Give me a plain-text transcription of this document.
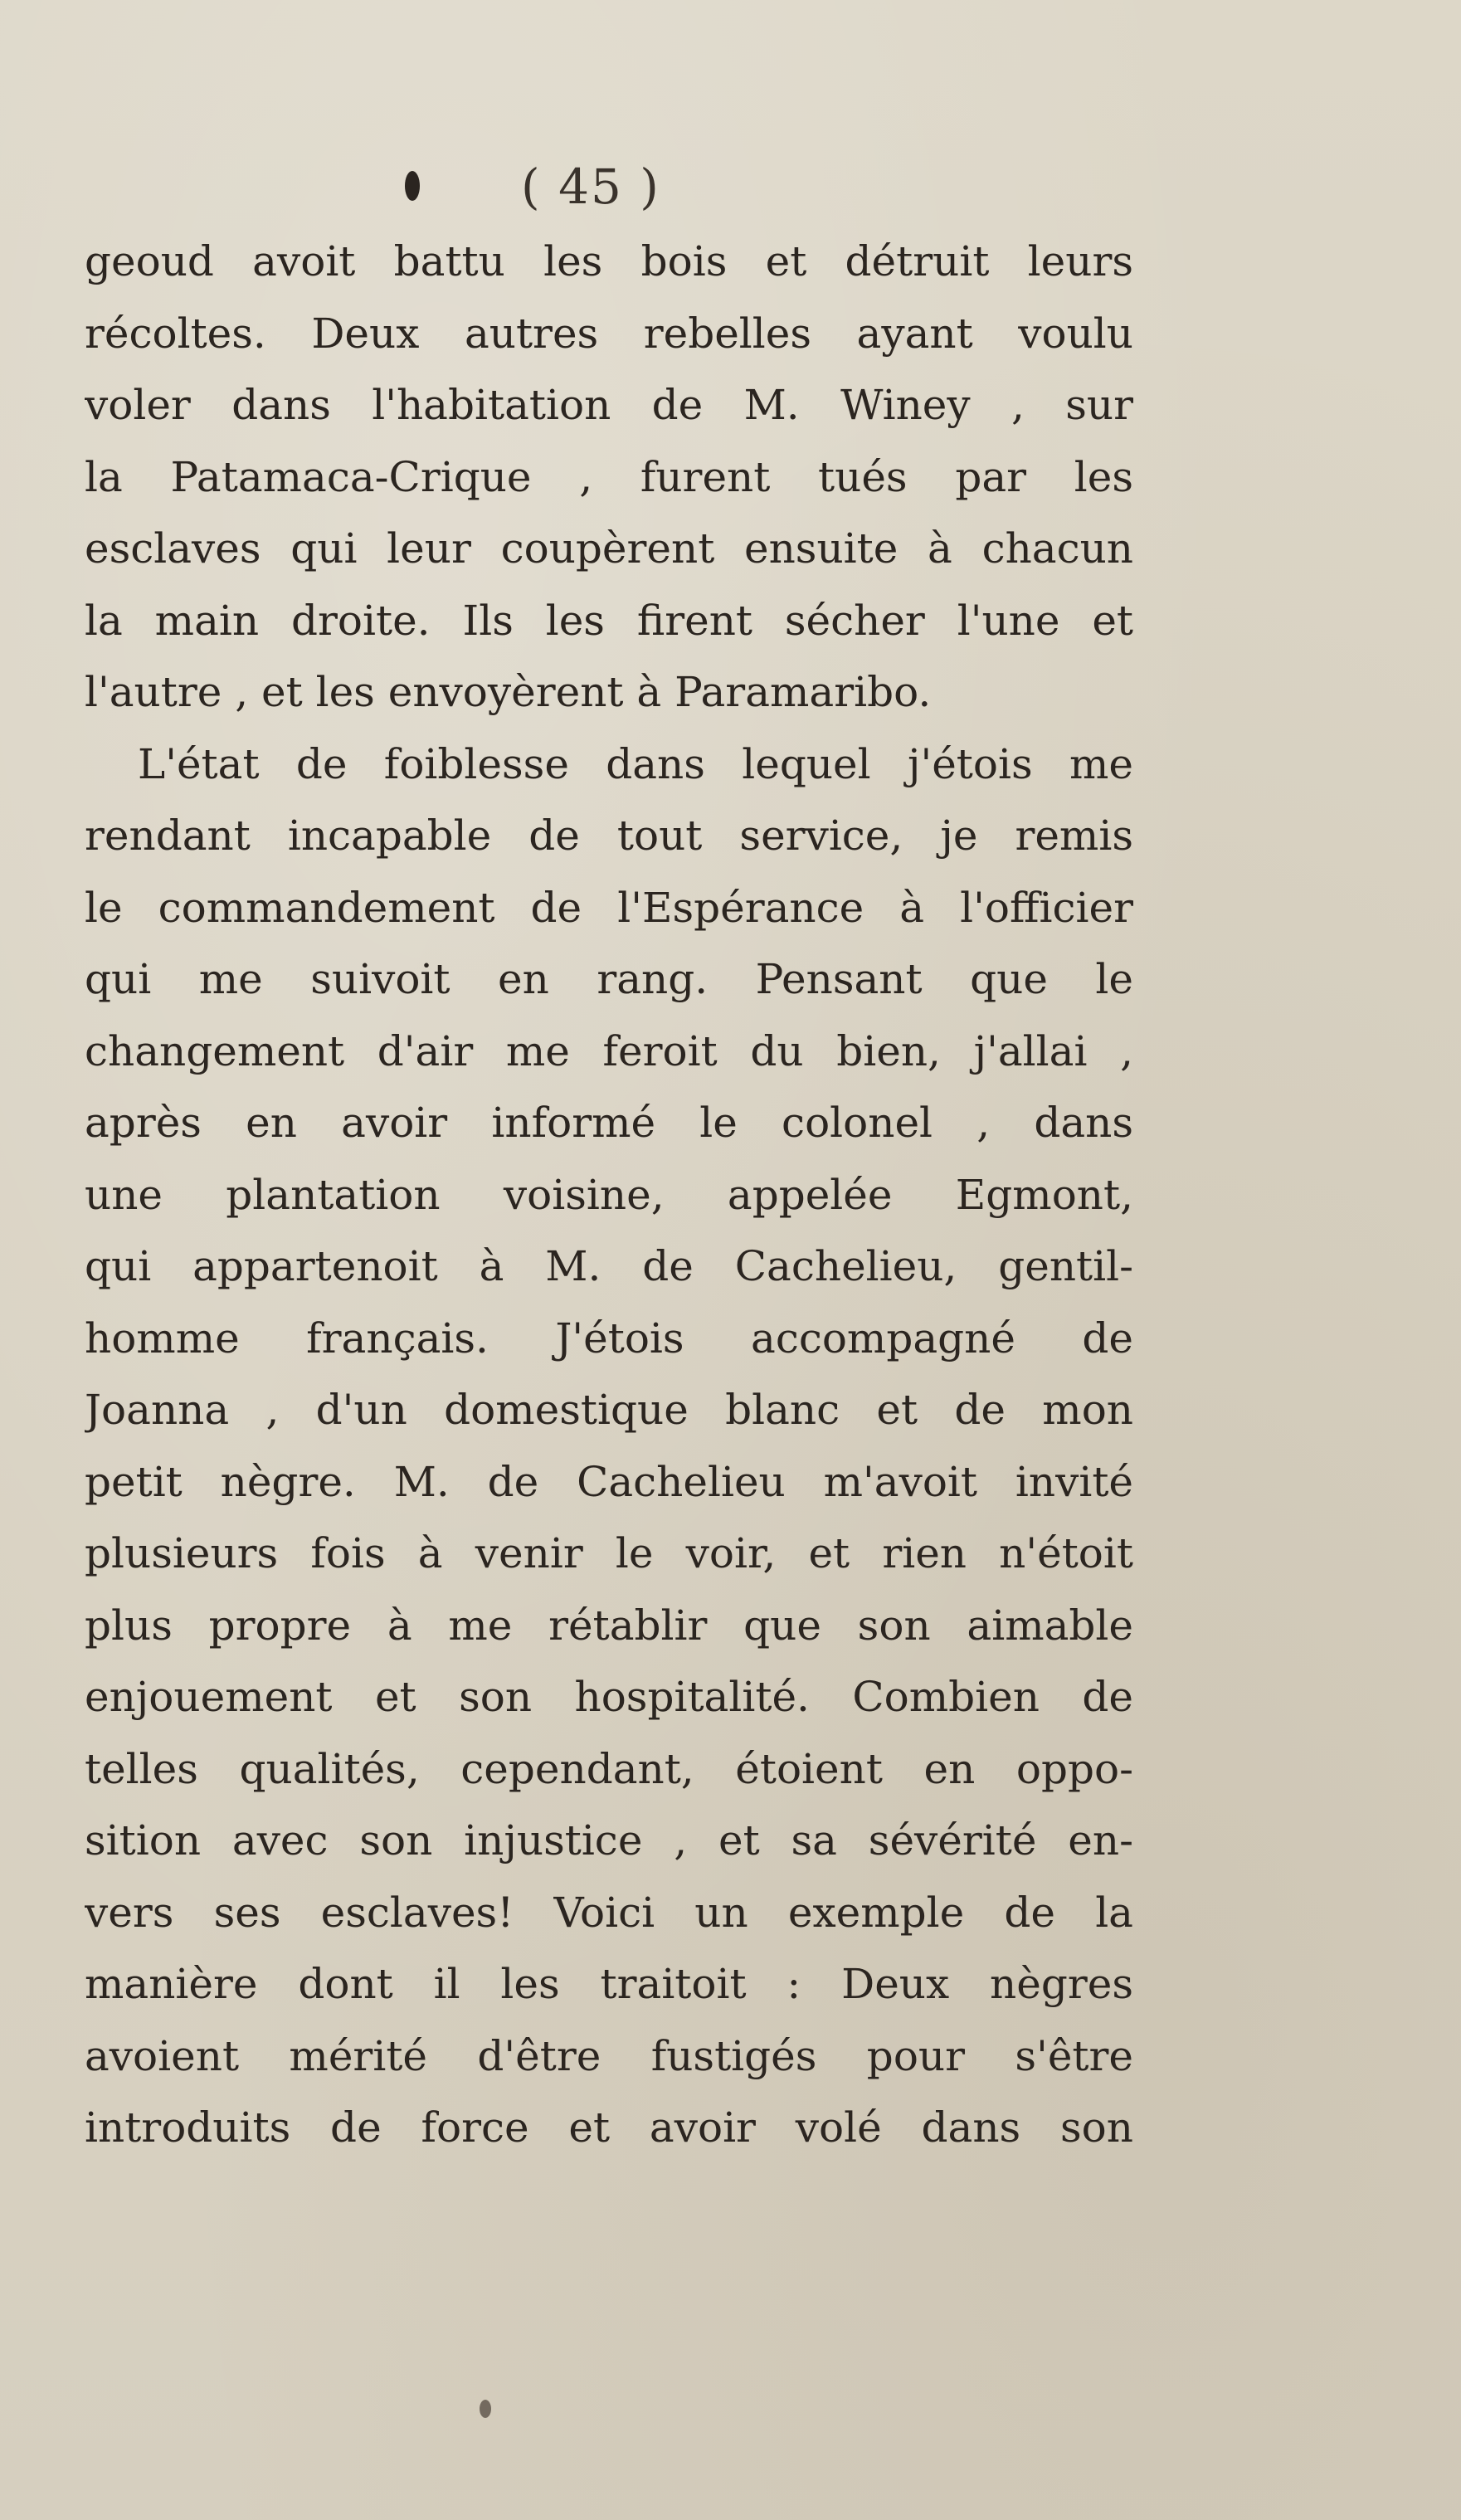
( 45 )
geoud avoit battu les bois et détruit leurs
récoltes. Deux autres rebelles ayant voulu
voler dans l'habitation de M. Winey , sur
la Patamaca-Crique , furent tués par les
esclaves qui leur coupèrent ensuite à chacun
la main droite. Ils les firent sécher l'une et
l'autre , et les envoyèrent à Paramaribo.
L'état de foiblesse dans lequel j'étois me
rendant incapable de tout service, je remis
le commandement de l'Espérance à l'officier
qui me suivoit en rang. Pensant que le
changement d'air me feroit du bien, j'allai ,
après en avoir informé le colonel , dans
une plantation voisine, appelée Egmont,
qui appartenoit à M. de Cachelieu, gentil-
homme français. J'étois accompagné de
Joanna , d'un domestique blanc et de mon
petit nègre. M. de Cachelieu m'avoit invité
plusieurs fois à venir le voir, et rien n'étoit
plus propre à me rétablir que son aimable
enjouement et son hospitalité. Combien de
telles qualités, cependant, étoient en oppo-
sition avec son injustice , et sa sévérité en-
vers ses esclaves! Voici un exemple de la
manière dont il les traitoit : Deux nègres
avoient mérité d'être fustigés pour s'être
introduits de force et avoir volé dans son
